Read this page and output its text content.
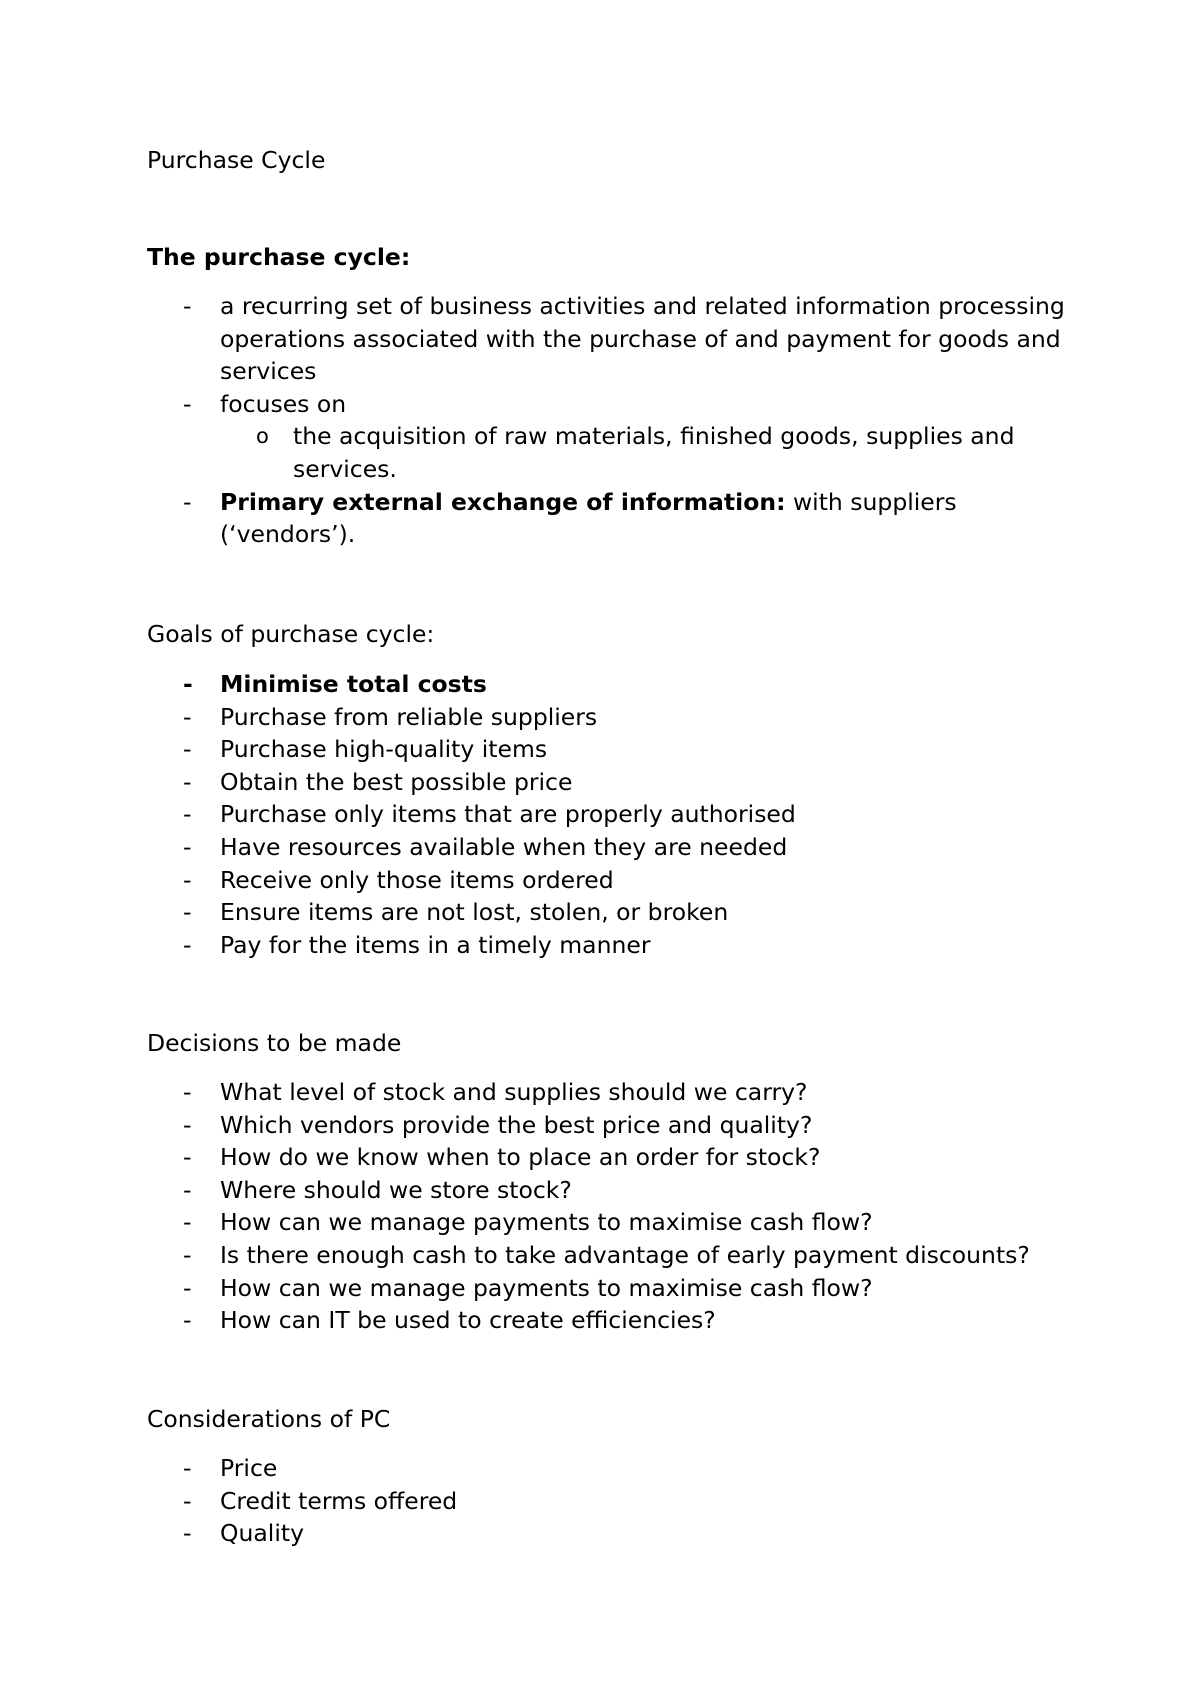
Purchase Cycle
The purchase cycle:
- a recurring set of business activities and related information processing operations associated with the purchase of and payment for goods and services
- focuses on
o the acquisition of raw materials, finished goods, supplies and services.
- Primary external exchange of information: with suppliers (‘vendors’).
Goals of purchase cycle:
- Minimise total costs
- Purchase from reliable suppliers
- Purchase high-quality items
- Obtain the best possible price
- Purchase only items that are properly authorised
- Have resources available when they are needed
- Receive only those items ordered
- Ensure items are not lost, stolen, or broken
- Pay for the items in a timely manner
Decisions to be made
- What level of stock and supplies should we carry?
- Which vendors provide the best price and quality?
- How do we know when to place an order for stock?
- Where should we store stock?
- How can we manage payments to maximise cash flow?
- Is there enough cash to take advantage of early payment discounts?
- How can we manage payments to maximise cash flow?
- How can IT be used to create efficiencies?
Considerations of PC
- Price
- Credit terms offered
- Quality
